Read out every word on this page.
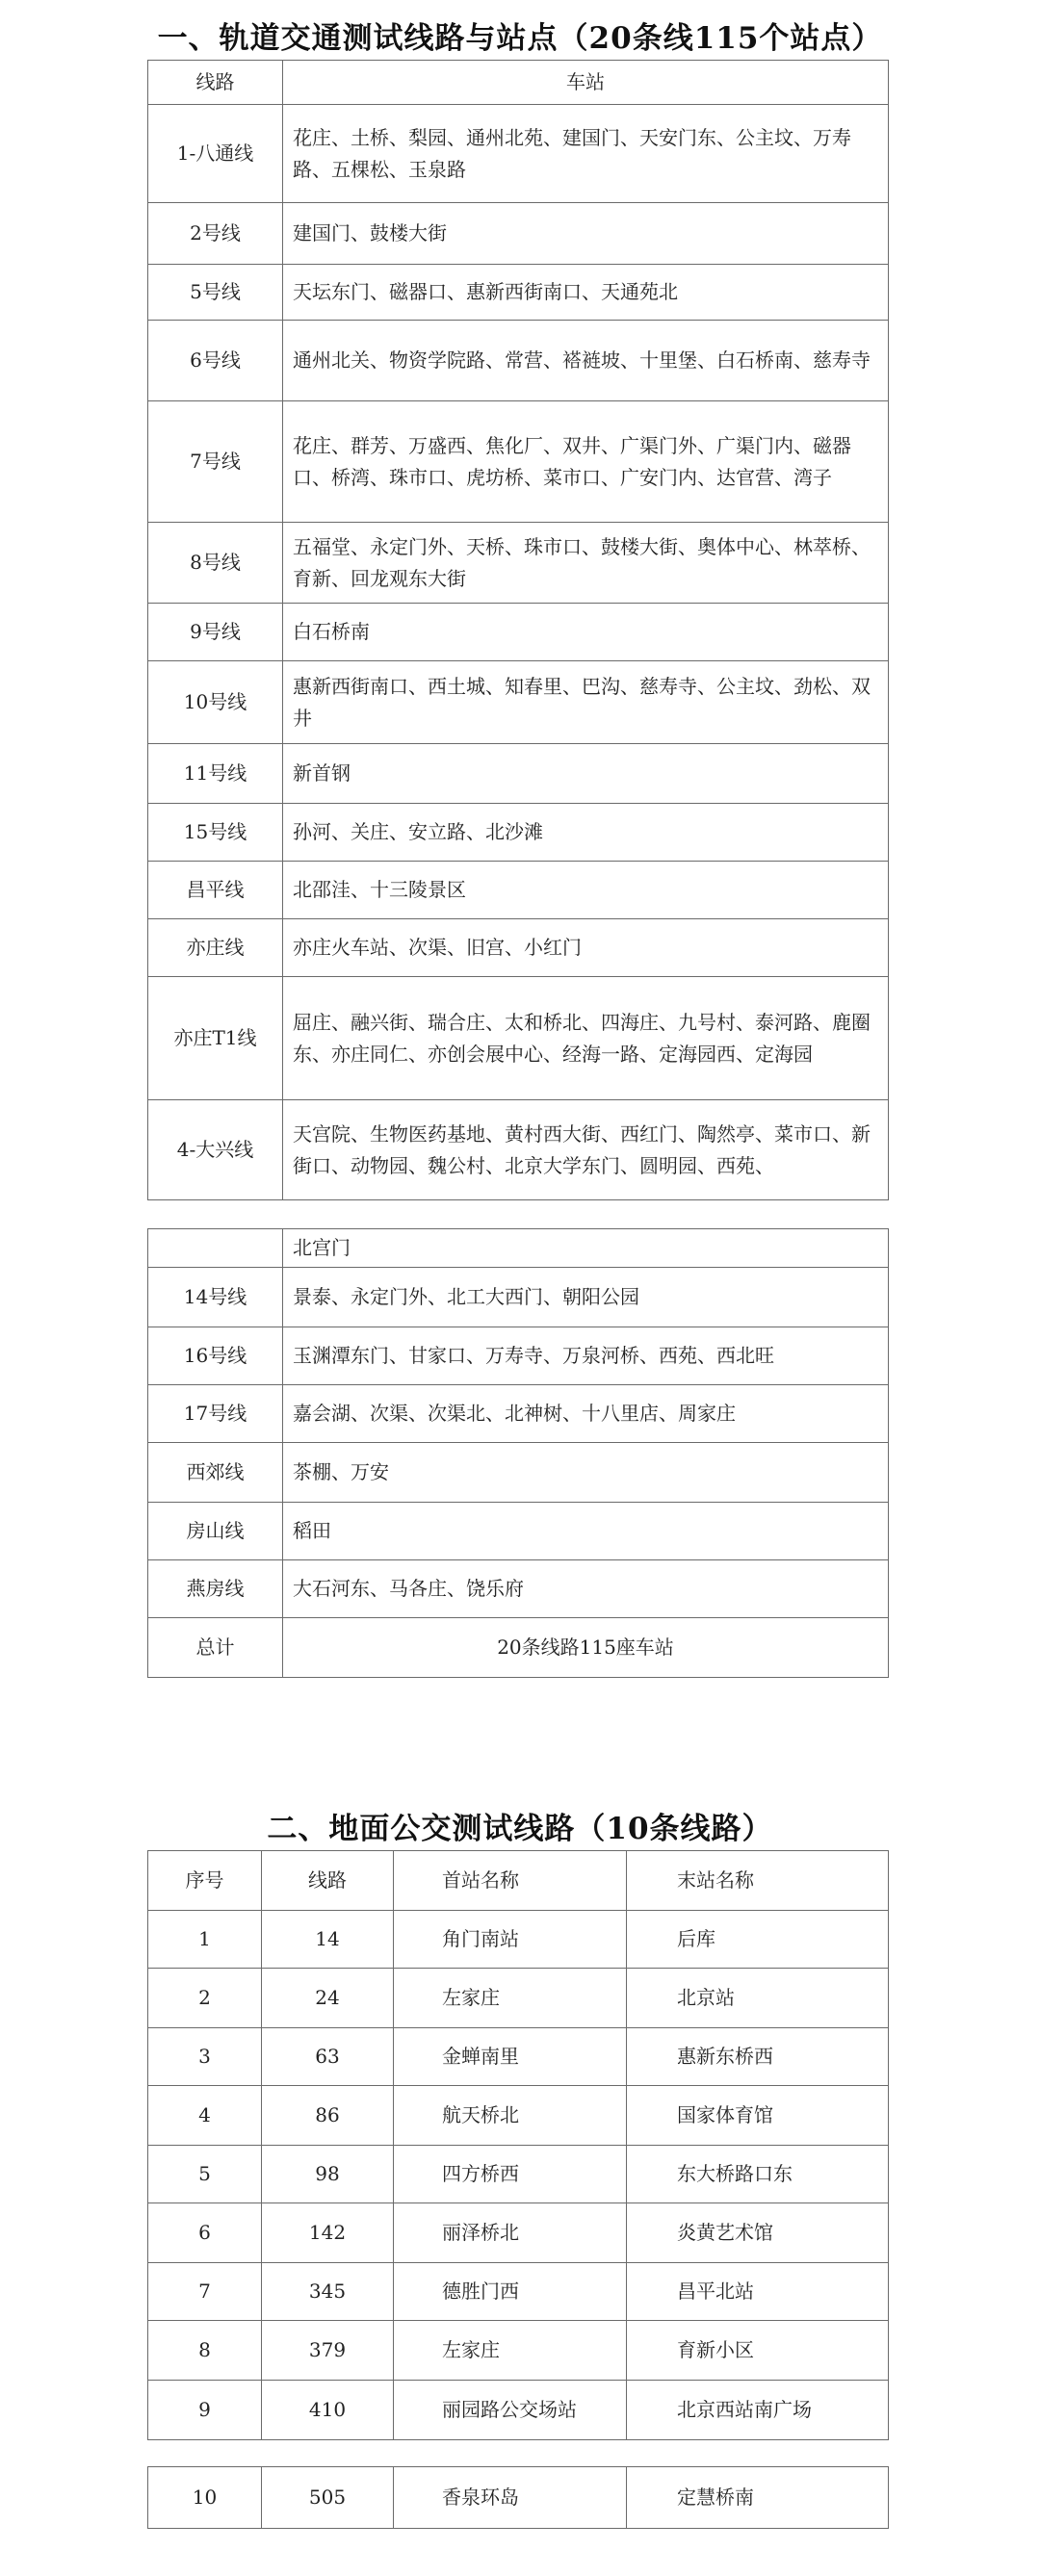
一、轨道交通测试线路与站点（20条线115个站点）
线路	车站
1-八通线	花庄、土桥、梨园、通州北苑、建国门、天安门东、公主坟、万寿路、五棵松、玉泉路
2号线	建国门、鼓楼大街
5号线	天坛东门、磁器口、惠新西街南口、天通苑北
6号线	通州北关、物资学院路、常营、褡裢坡、十里堡、白石桥南、慈寿寺
7号线	花庄、群芳、万盛西、焦化厂、双井、广渠门外、广渠门内、磁器口、桥湾、珠市口、虎坊桥、菜市口、广安门内、达官营、湾子
8号线	五福堂、永定门外、天桥、珠市口、鼓楼大街、奥体中心、林萃桥、育新、回龙观东大街
9号线	白石桥南
10号线	惠新西街南口、西土城、知春里、巴沟、慈寿寺、公主坟、劲松、双井
11号线	新首钢
15号线	孙河、关庄、安立路、北沙滩
昌平线	北邵洼、十三陵景区
亦庄线	亦庄火车站、次渠、旧宫、小红门
亦庄T1线	屈庄、融兴街、瑞合庄、太和桥北、四海庄、九号村、泰河路、鹿圈东、亦庄同仁、亦创会展中心、经海一路、定海园西、定海园
4-大兴线	天宫院、生物医药基地、黄村西大街、西红门、陶然亭、菜市口、新街口、动物园、魏公村、北京大学东门、圆明园、西苑、
	北宫门
14号线	景泰、永定门外、北工大西门、朝阳公园
16号线	玉渊潭东门、甘家口、万寿寺、万泉河桥、西苑、西北旺
17号线	嘉会湖、次渠、次渠北、北神树、十八里店、周家庄
西郊线	茶棚、万安
房山线	稻田
燕房线	大石河东、马各庄、饶乐府
总计	20条线路115座车站
二、地面公交测试线路（10条线路）
序号	线路	首站名称	末站名称
1	14	角门南站	后库
2	24	左家庄	北京站
3	63	金蝉南里	惠新东桥西
4	86	航天桥北	国家体育馆
5	98	四方桥西	东大桥路口东
6	142	丽泽桥北	炎黄艺术馆
7	345	德胜门西	昌平北站
8	379	左家庄	育新小区
9	410	丽园路公交场站	北京西站南广场
10	505	香泉环岛	定慧桥南
